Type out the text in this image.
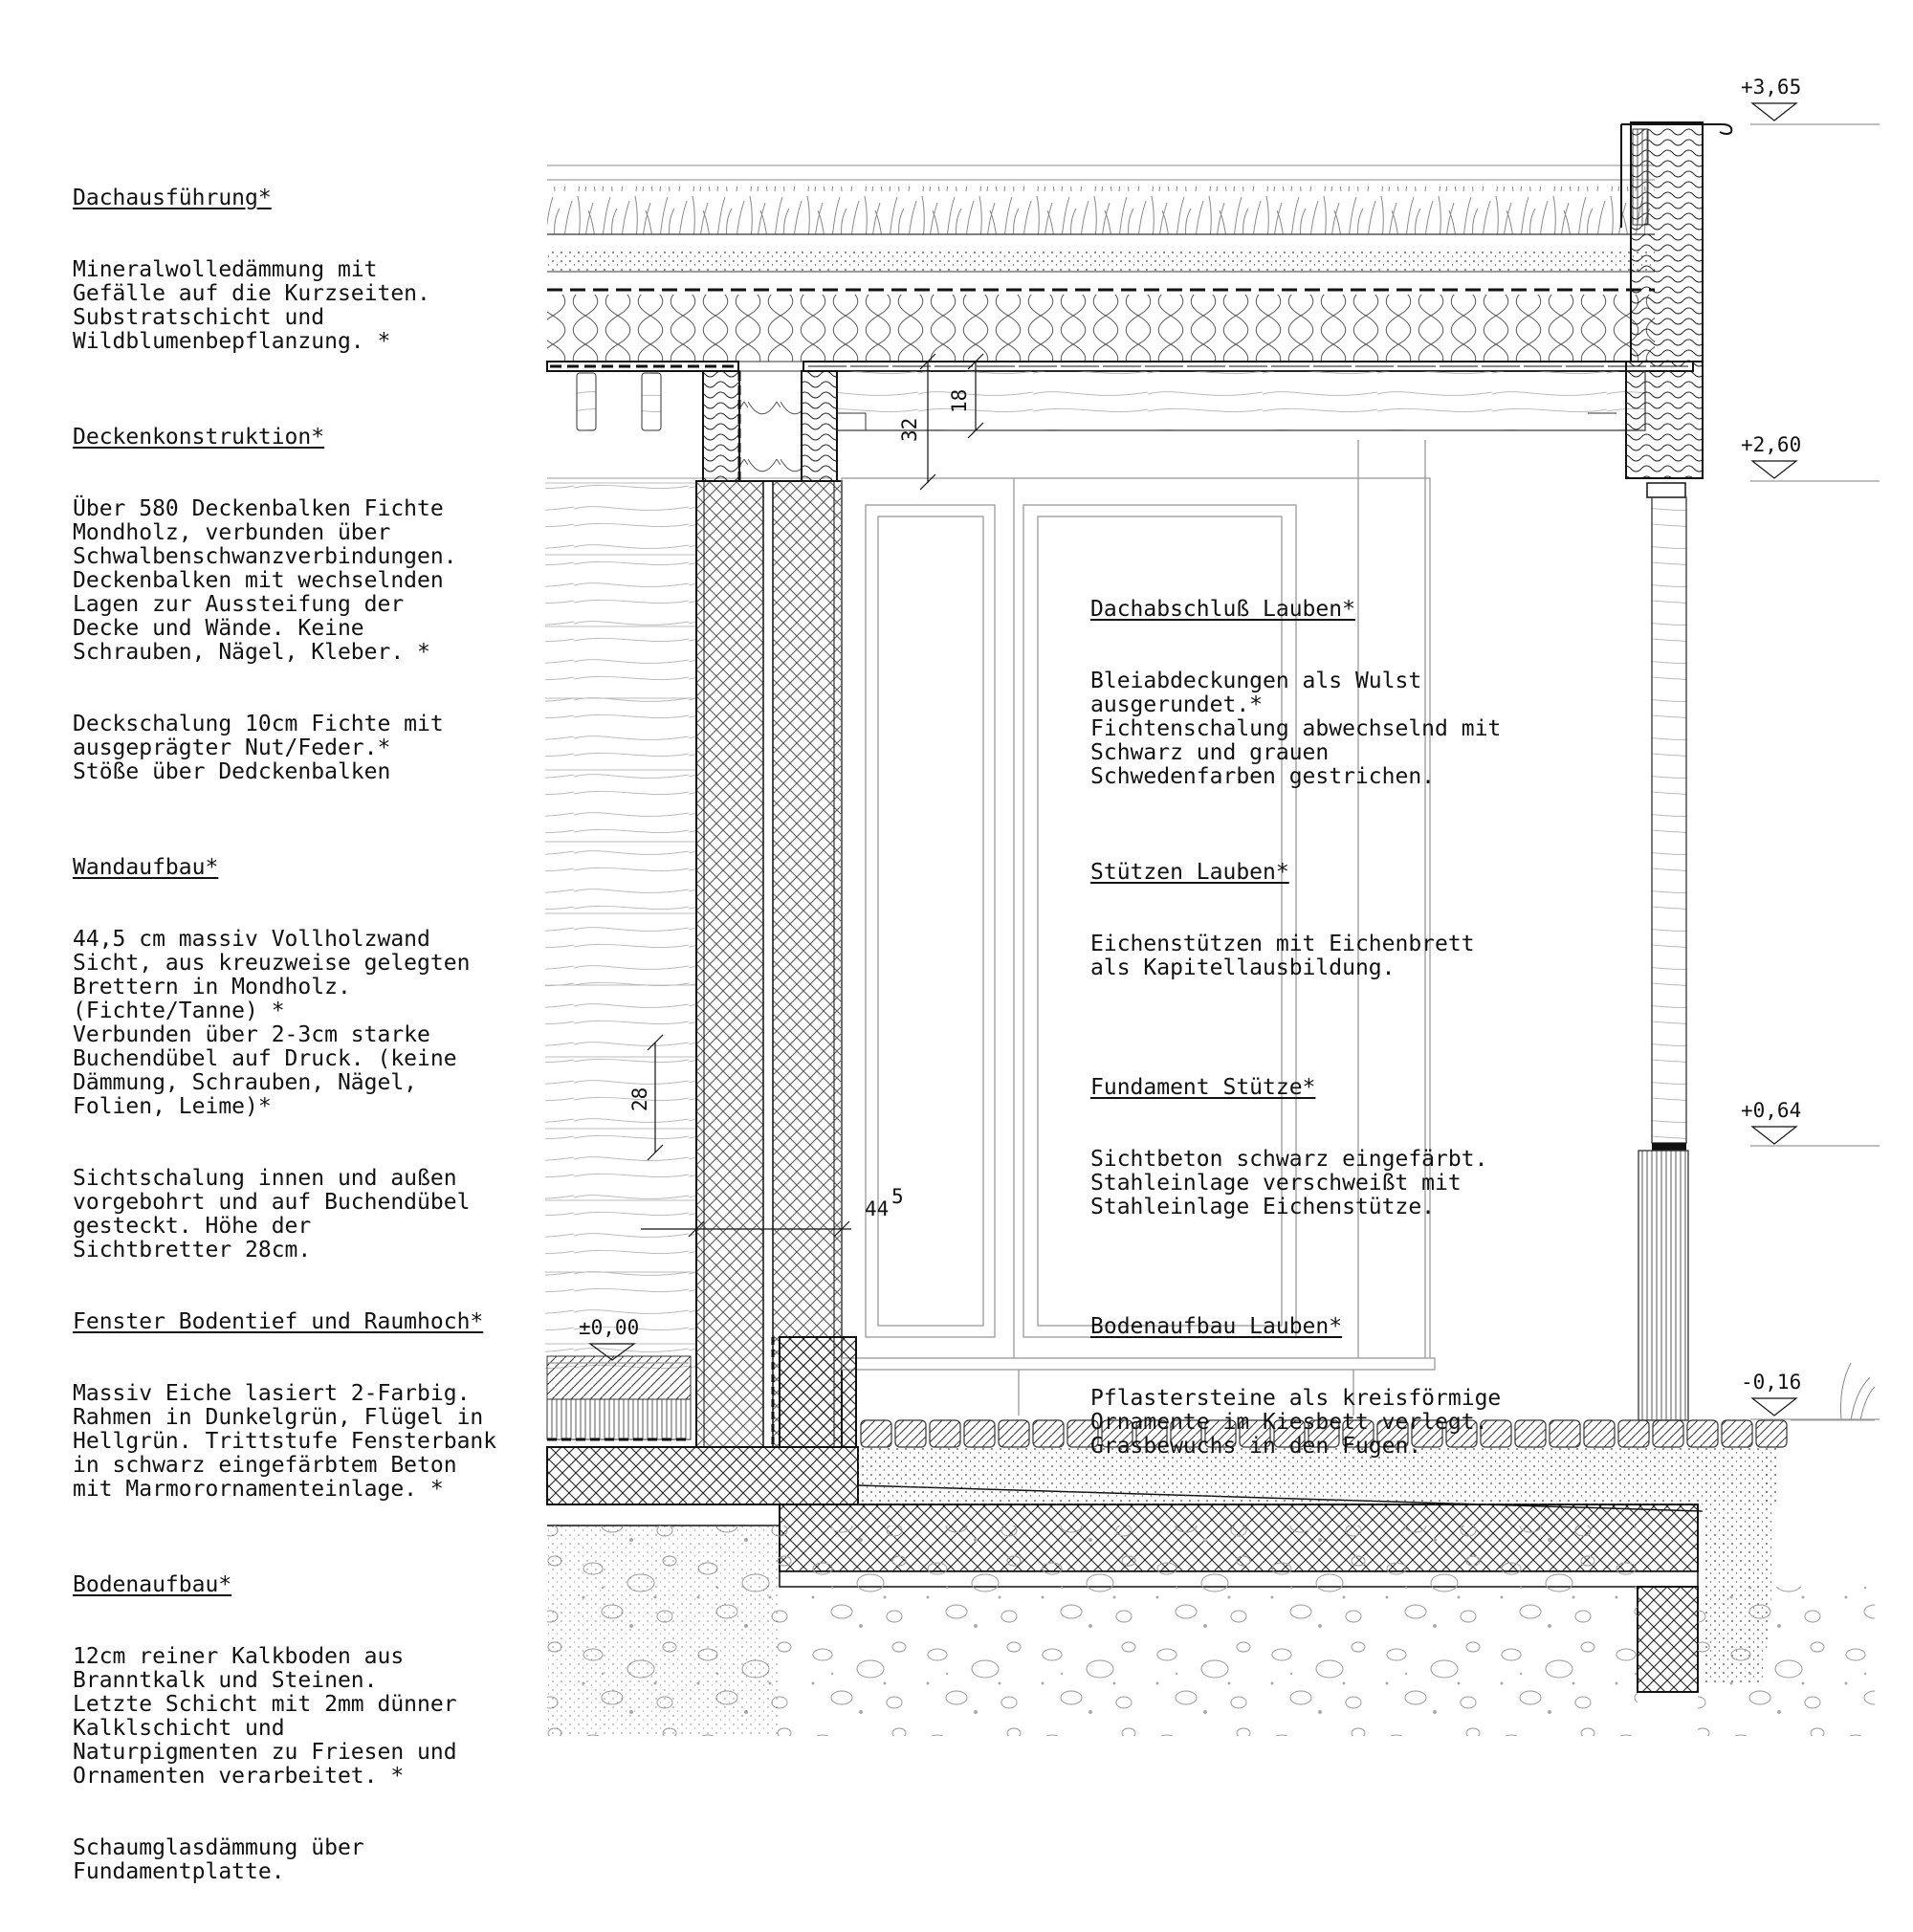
32
18
28
44
5
+3,65
+2,60
+0,64
-0,16
±0,00

Dachausführung*

Mineralwolledämmung mit
Gefälle auf die Kurzseiten.
Substratschicht und
Wildblumenbepflanzung. *

Deckenkonstruktion*

Über 580 Deckenbalken Fichte
Mondholz, verbunden über
Schwalbenschwanzverbindungen.
Deckenbalken mit wechselnden
Lagen zur Aussteifung der
Decke und Wände. Keine
Schrauben, Nägel, Kleber. *

Deckschalung 10cm Fichte mit
ausgeprägter Nut/Feder.*
Stöße über Dedckenbalken

Wandaufbau*

44,5 cm massiv Vollholzwand
Sicht, aus kreuzweise gelegten
Brettern in Mondholz.
(Fichte/Tanne) *
Verbunden über 2-3cm starke
Buchendübel auf Druck. (keine
Dämmung, Schrauben, Nägel,
Folien, Leime)*

Sichtschalung innen und außen
vorgebohrt und auf Buchendübel
gesteckt. Höhe der
Sichtbretter 28cm.

Fenster Bodentief und Raumhoch*

Massiv Eiche lasiert 2-Farbig.
Rahmen in Dunkelgrün, Flügel in
Hellgrün. Trittstufe Fensterbank
in schwarz eingefärbtem Beton
mit Marmorornamenteinlage. *

Bodenaufbau*

12cm reiner Kalkboden aus
Branntkalk und Steinen.
Letzte Schicht mit 2mm dünner
Kalklschicht und
Naturpigmenten zu Friesen und
Ornamenten verarbeitet. *

Schaumglasdämmung über
Fundamentplatte.

Dachabschluß Lauben*

Bleiabdeckungen als Wulst
ausgerundet.*
Fichtenschalung abwechselnd mit
Schwarz und grauen
Schwedenfarben gestrichen.

Stützen Lauben*

Eichenstützen mit Eichenbrett
als Kapitellausbildung.

Fundament Stütze*

Sichtbeton schwarz eingefärbt.
Stahleinlage verschweißt mit
Stahleinlage Eichenstütze.

Bodenaufbau Lauben*

Pflastersteine als kreisförmige
Ornamente im Kiesbett verlegt.
Grasbewuchs in den Fugen.
